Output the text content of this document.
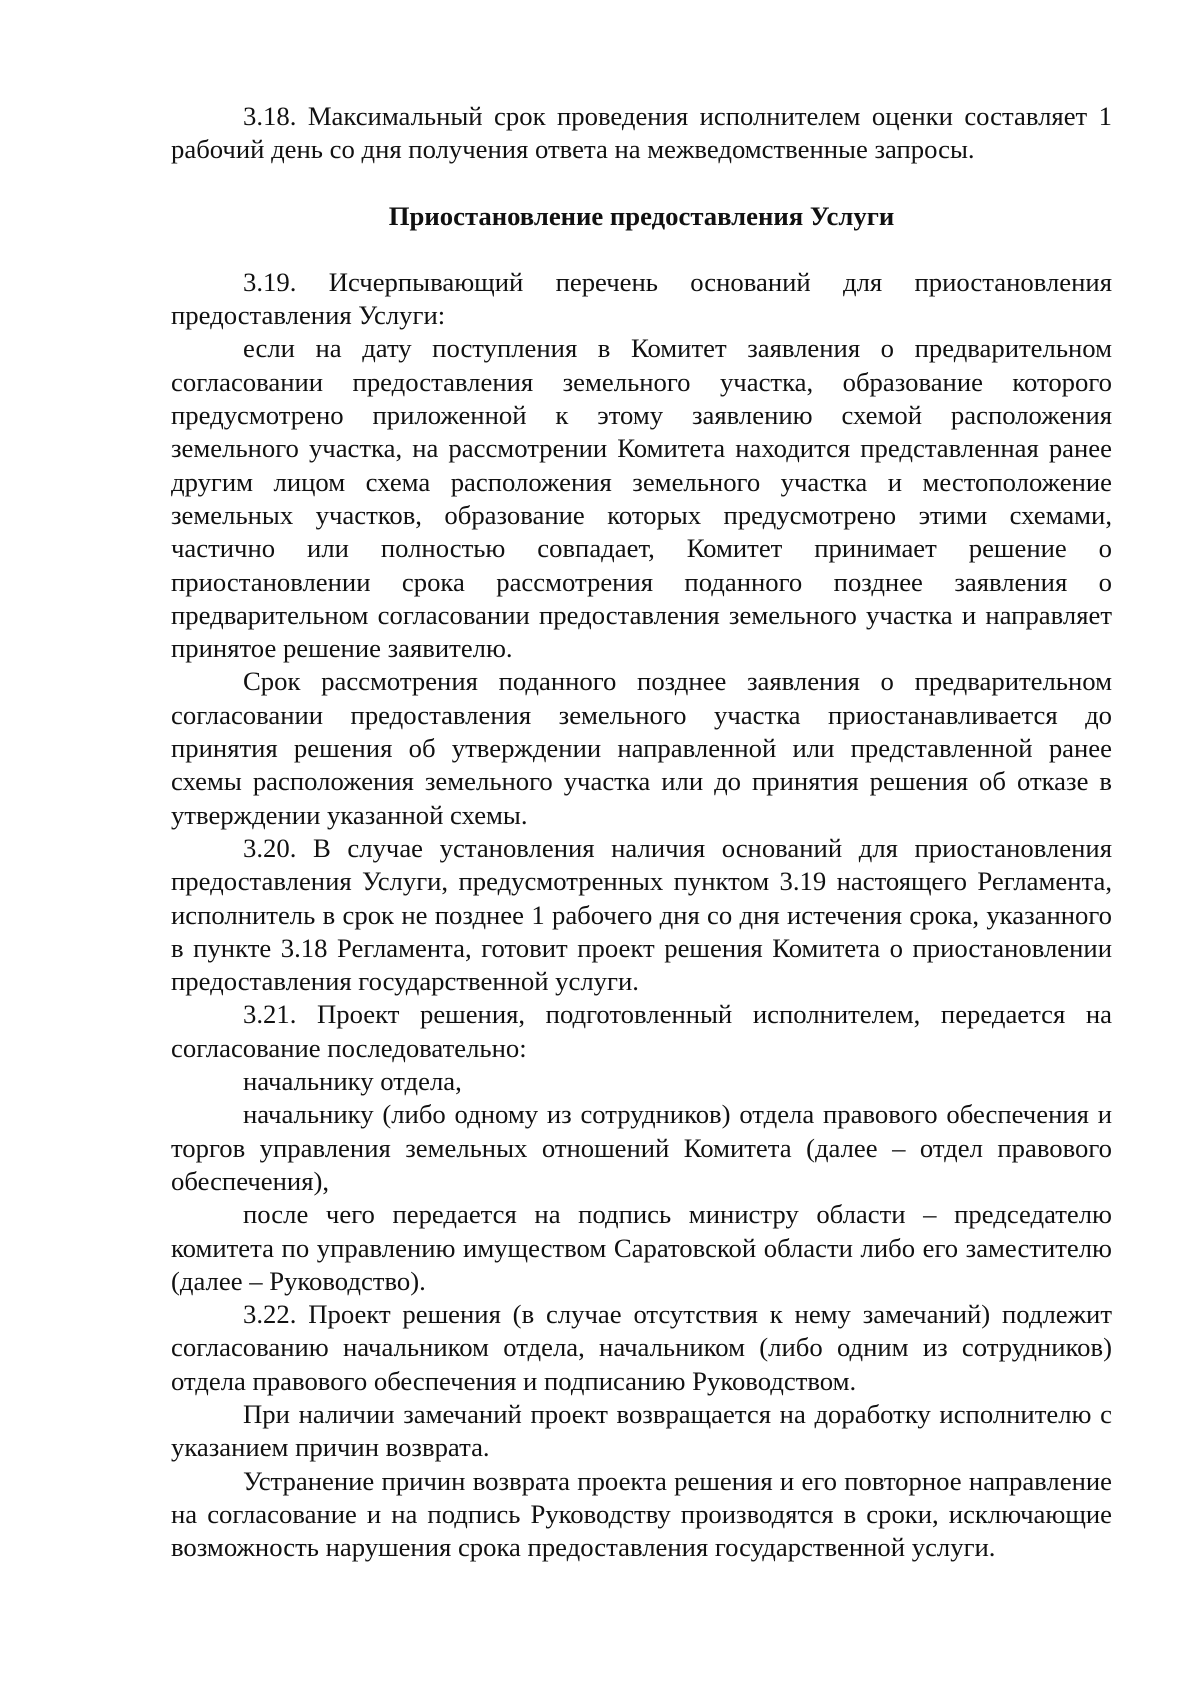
3.18. Максимальный срок проведения исполнителем оценки составляет 1 рабочий день со дня получения ответа на межведомственные запросы.

Приостановление предоставления Услуги

3.19. Исчерпывающий перечень оснований для приостановления предоставления Услуги:

если на дату поступления в Комитет заявления о предварительном согласовании предоставления земельного участка, образование которого предусмотрено приложенной к этому заявлению схемой расположения земельного участка, на рассмотрении Комитета находится представленная ранее другим лицом схема расположения земельного участка и местоположение земельных участков, образование которых предусмотрено этими схемами, частично или полностью совпадает, Комитет принимает решение о приостановлении срока рассмотрения поданного позднее заявления о предварительном согласовании предоставления земельного участка и направляет принятое решение заявителю.

Срок рассмотрения поданного позднее заявления о предварительном согласовании предоставления земельного участка приостанавливается до принятия решения об утверждении направленной или представленной ранее схемы расположения земельного участка или до принятия решения об отказе в утверждении указанной схемы.

3.20. В случае установления наличия оснований для приостановления предоставления Услуги, предусмотренных пунктом 3.19 настоящего Регламента, исполнитель в срок не позднее 1 рабочего дня со дня истечения срока, указанного в пункте 3.18 Регламента, готовит проект решения Комитета о приостановлении предоставления государственной услуги.

3.21. Проект решения, подготовленный исполнителем, передается на согласование последовательно:

начальнику отдела,

начальнику (либо одному из сотрудников) отдела правового обеспечения и торгов управления земельных отношений Комитета (далее – отдел правового обеспечения),

после чего передается на подпись министру области – председателю комитета по управлению имуществом Саратовской области либо его заместителю (далее – Руководство).

3.22. Проект решения (в случае отсутствия к нему замечаний) подлежит согласованию начальником отдела, начальником (либо одним из сотрудников) отдела правового обеспечения и подписанию Руководством.

При наличии замечаний проект возвращается на доработку исполнителю с указанием причин возврата.

Устранение причин возврата проекта решения и его повторное направление на согласование и на подпись Руководству производятся в сроки, исключающие возможность нарушения срока предоставления государственной услуги.
